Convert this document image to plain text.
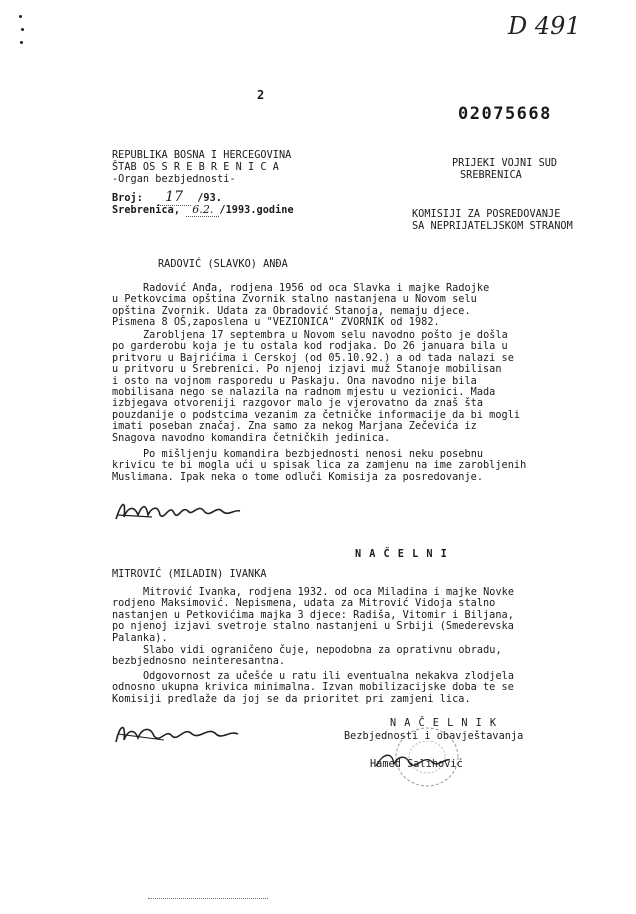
D 491
2
02075668
REPUBLIKA BOSNA I HERCEGOVINA
ŠTAB OS S R E B R E N I C A
-Organ bezbjednosti-
Broj: 17 /93.
Srebrenica, 6.2. /1993.godine
PRIJEKI VOJNI SUD
SREBRENICA
KOMISIJI ZA POSREDOVANJE
SA NEPRIJATELJSKOM STRANOM
RADOVIĆ (SLAVKO) ANĐA
Radović Anđa, rodjena 1956 od oca Slavka i majke Radojke
u Petkovcima opština Zvornik stalno nastanjena u Novom selu
opština Zvornik. Udata za Obradović Stanoja, nemaju djece.
Pismena 8 OŠ,zaposlena u "VEZIONICA" ZVORNIK od 1982.
Zarobljena 17 septembra u Novom selu navodno pošto je došla
po garderobu koja je tu ostala kod rodjaka. Do 26 januara bila u
pritvoru u Bajrićima i Cerskoj (od 05.10.92.) a od tada nalazi se
u pritvoru u Srebrenici. Po njenoj izjavi muž Stanoje mobilisan
i osto na vojnom rasporedu u Paskaju. Ona navodno nije bila
mobilisana nego se nalazila na radnom mjestu u vezionici. Mada
izbjegava otvoreniji razgovor malo je vjerovatno da znaš šta
pouzdanije o podstcima vezanim za četničke informacije da bi mogli
imati poseban značaj. Zna samo za nekog Marjana Zečevića iz
Snagova navodno komandira četničkih jedinica.
Po mišljenju komandira bezbjednosti nenosi neku posebnu
krivicu te bi mogla ući u spisak lica za zamjenu na ime zarobljenih
Muslimana. Ipak neka o tome odluči Komisija za posredovanje.
N A Č E L N I
MITROVIĆ (MILADIN) IVANKA
Mitrović Ivanka, rodjena 1932. od oca Miladina i majke Novke
rodjeno Maksimović. Nepismena, udata za Mitrović Vidoja stalno
nastanjen u Petkovićima majka 3 djece: Radiša, Vitomir i Biljana,
po njenoj izjavi svetroje stalno nastanjeni u Srbiji (Smederevska
Palanka).
Slabo vidi ograničeno čuje, nepodobna za oprativnu obradu,
bezbjednosno neinteresantna.
Odgovornost za učešće u ratu ili eventualna nekakva zlodjela
odnosno ukupna krivica minimalna. Izvan mobilizacijske doba te se
Komisiji predlaže da joj se da prioritet pri zamjeni lica.
N A Č E L N I K
Bezbjednosti i obavještavanja
Hamed Salihović
